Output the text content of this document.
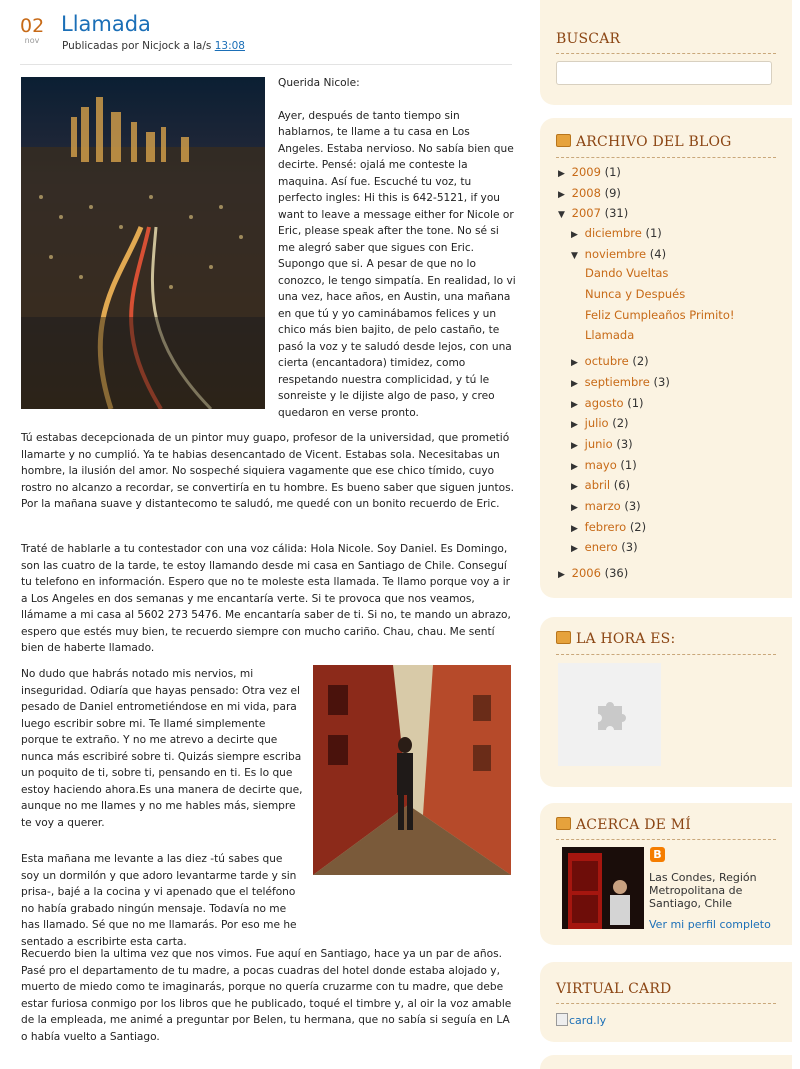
02
nov
Llamada
Publicadas por Nicjock a la/s 13:08

Querida Nicole:

Ayer, después de tanto tiempo sin hablarnos, te llame a tu casa en Los Angeles. Estaba nervioso. No sabía bien que decirte. Pensé: ojalá me conteste la maquina. Así fue. Escuché tu voz, tu perfecto ingles: Hi this is 642-5121, if you want to leave a message either for Nicole or Eric, please speak after the tone. No sé si me alegró saber que sigues con Eric. Supongo que si. A pesar de que no lo conozco, le tengo simpatía. En realidad, lo vi una vez, hace años, en Austin, una mañana en que tú y yo caminábamos felices y un chico más bien bajito, de pelo castaño, te pasó la voz y te saludó desde lejos, con una cierta (encantadora) timidez, como respetando nuestra complicidad, y tú le sonreiste y le dijiste algo de paso, y creo quedaron en verse pronto.

Tú estabas decepcionada de un pintor muy guapo, profesor de la universidad, que prometió llamarte y no cumplió. Ya te habias desencantado de Vicent. Estabas sola. Necesitabas un hombre, la ilusión del amor. No sospeché siquiera vagamente que ese chico tímido, cuyo rostro no alcanzo a recordar, se convertiría en tu hombre. Es bueno saber que siguen juntos. Por la mañana suave y distantecomo te saludó, me quedé con un bonito recuerdo de Eric.

Traté de hablarle a tu contestador con una voz cálida: Hola Nicole. Soy Daniel. Es Domingo, son las cuatro de la tarde, te estoy llamando desde mi casa en Santiago de Chile. Conseguí tu telefono en información. Espero que no te moleste esta llamada. Te llamo porque voy a ir a Los Angeles en dos semanas y me encantaría verte. Si te provoca que nos veamos, llámame a mi casa al 5602 273 5476. Me encantaría saber de ti. Si no, te mando un abrazo, espero que estés muy bien, te recuerdo siempre con mucho cariño. Chau, chau. Me sentí bien de haberte llamado.

No dudo que habrás notado mis nervios, mi inseguridad. Odiaría que hayas pensado: Otra vez el pesado de Daniel entrometiéndose en mi vida, para luego escribir sobre mi. Te llamé simplemente porque te extraño. Y no me atrevo a decirte que nunca más escribiré sobre ti. Quizás siempre escriba un poquito de ti, sobre ti, pensando en ti. Es lo que estoy haciendo ahora.Es una manera de decirte que, aunque no me llames y no me hables más, siempre te voy a querer.

Esta mañana me levante a las diez -tú sabes que soy un dormilón y que adoro levantarme tarde y sin prisa-, bajé a la cocina y vi apenado que el teléfono no había grabado ningún mensaje. Todavía no me has llamado. Sé que no me llamarás. Por eso me he sentado a escribirte esta carta.

Recuerdo bien la ultima vez que nos vimos. Fue aquí en Santiago, hace ya un par de años. Pasé pro el departamento de tu madre, a pocas cuadras del hotel donde estaba alojado y, muerto de miedo como te imaginarás, porque no quería cruzarme con tu madre, que debe estar furiosa conmigo por los libros que he publicado, toqué el timbre y, al oir la voz amable de la empleada, me animé a preguntar por Belen, tu hermana, que no sabía si seguía en LA o había vuelto a Santiago.

BUSCAR
ARCHIVO DEL BLOG
▶ 2009 (1)
▶ 2008 (9)
▼ 2007 (31)
▶ diciembre (1)
▼ noviembre (4)
Dando Vueltas
Nunca y Después
Feliz Cumpleaños Primito!
Llamada
▶ octubre (2)
▶ septiembre (3)
▶ agosto (1)
▶ julio (2)
▶ junio (3)
▶ mayo (1)
▶ abril (6)
▶ marzo (3)
▶ febrero (2)
▶ enero (3)
▶ 2006 (36)
LA HORA ES:
ACERCA DE MÍ
B
Las Condes, Región Metropolitana de Santiago, Chile
Ver mi perfil completo
VIRTUAL CARD
card.ly
